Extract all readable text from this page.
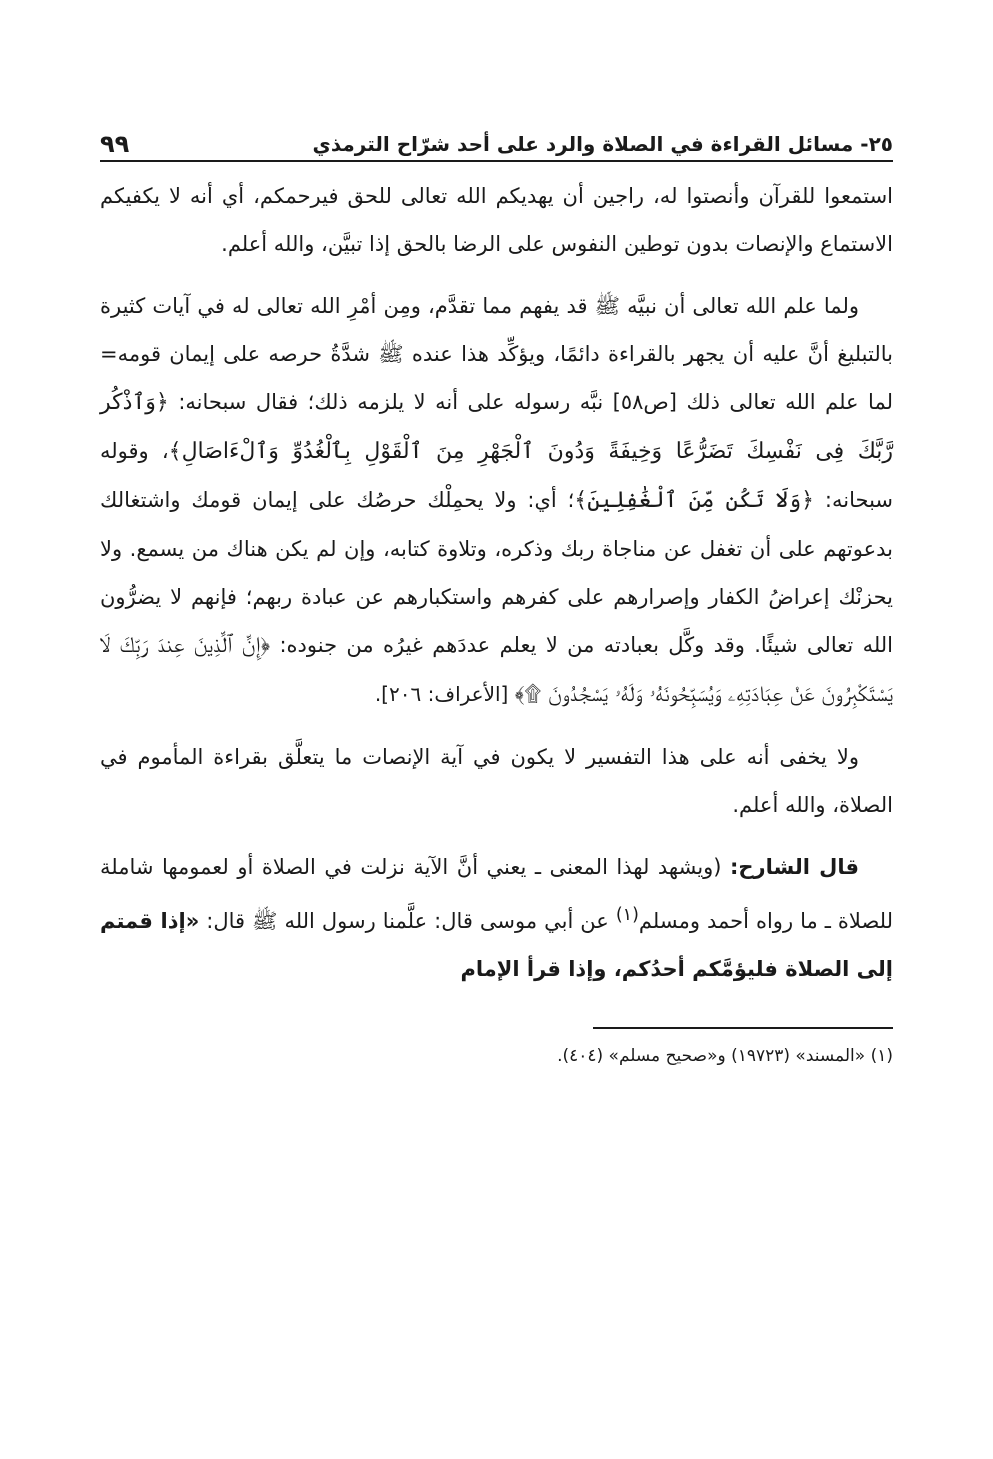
٢٥- مسائل القراءة في الصلاة والرد على أحد شرّاح الترمذي
٩٩

استمعوا للقرآن وأنصتوا له، راجين أن يهديكم الله تعالى للحق فيرحمكم، أي أنه لا يكفيكم الاستماع والإنصات بدون توطين النفوس على الرضا بالحق إذا تبيَّن، والله أعلم.

ولما علم الله تعالى أن نبيَّه ﷺ قد يفهم مما تقدَّم، ومِن أمْرِ الله تعالى له في آيات كثيرة بالتبليغ أنَّ عليه أن يجهر بالقراءة دائمًا، ويؤكِّد هذا عنده ﷺ شدَّةُ حرصه على إيمان قومه= لما علم الله تعالى ذلك [ص٥٨] نبَّه رسوله على أنه لا يلزمه ذلك؛ فقال سبحانه: ﴿وَٱذْكُر رَّبَّكَ فِى نَفْسِكَ تَضَرُّعًا وَخِيفَةً وَدُونَ ٱلْجَهْرِ مِنَ ٱلْقَوْلِ بِٱلْغُدُوِّ وَٱلْءَاصَالِ﴾، وقوله سبحانه: ﴿وَلَا تَكُن مِّنَ ٱلْغَٰفِلِينَ﴾؛ أي: ولا يحمِلْك حرصُك على إيمان قومك واشتغالك بدعوتهم على أن تغفل عن مناجاة ربك وذكره، وتلاوة كتابه، وإن لم يكن هناك من يسمع. ولا يحزنْك إعراضُ الكفار وإصرارهم على كفرهم واستكبارهم عن عبادة ربهم؛ فإنهم لا يضرُّون الله تعالى شيئًا. وقد وكَّل بعبادته من لا يعلم عددَهم غيرُه من جنوده: ﴿إِنَّ ٱلَّذِينَ عِندَ رَبِّكَ لَا يَسْتَكْبِرُونَ عَنْ عِبَادَتِهِۦ وَيُسَبِّحُونَهُۥ وَلَهُۥ يَسْجُدُونَ ۩﴾ [الأعراف: ٢٠٦].

ولا يخفى أنه على هذا التفسير لا يكون في آية الإنصات ما يتعلَّق بقراءة المأموم في الصلاة، والله أعلم.

قال الشارح: (ويشهد لهذا المعنى ـ يعني أنَّ الآية نزلت في الصلاة أو لعمومها شاملة للصلاة ـ ما رواه أحمد ومسلم$^{(١)}$ عن أبي موسى قال: علَّمنا رسول الله ﷺ قال: «إذا قمتم إلى الصلاة فليؤمَّكم أحدُكم، وإذا قرأ الإمام

(١) «المسند» (١٩٧٢٣) و«صحيح مسلم» (٤٠٤).
